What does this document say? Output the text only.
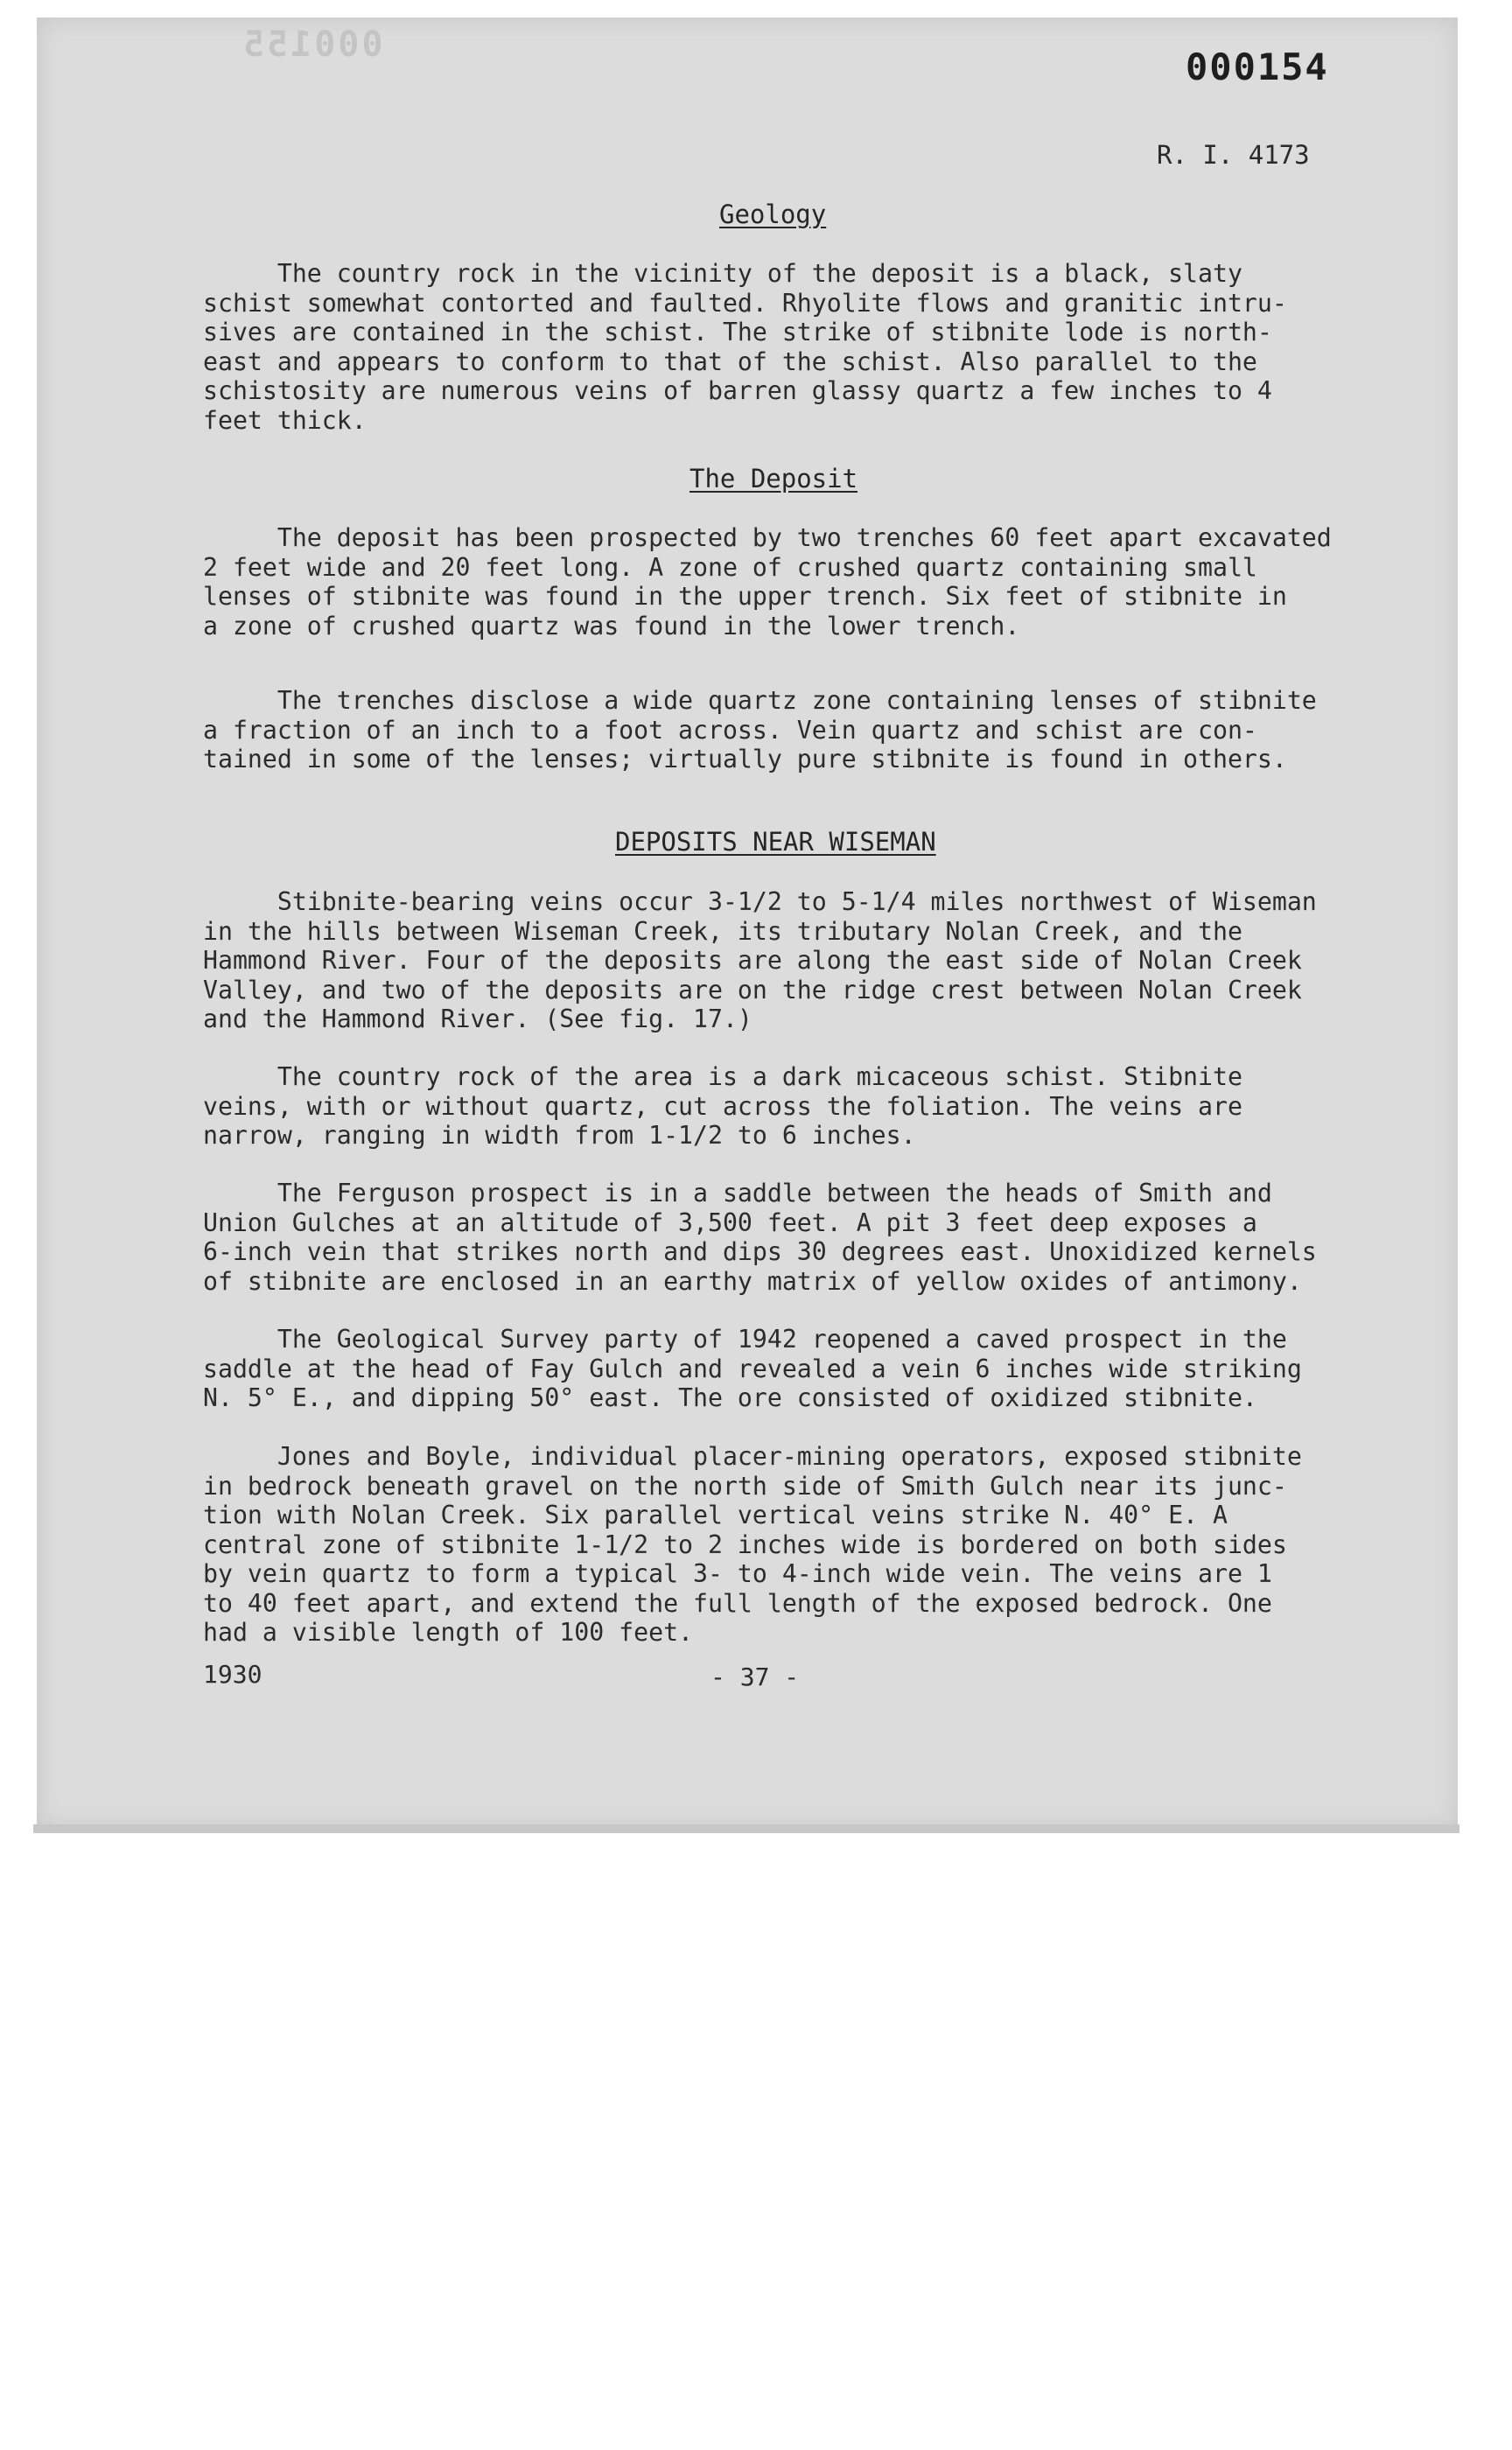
000155
000154
R. I. 4173
Geology
The country rock in the vicinity of the deposit is a black, slaty
schist somewhat contorted and faulted. Rhyolite flows and granitic intru-
sives are contained in the schist. The strike of stibnite lode is north-
east and appears to conform to that of the schist. Also parallel to the
schistosity are numerous veins of barren glassy quartz a few inches to 4
feet thick.
The Deposit
The deposit has been prospected by two trenches 60 feet apart excavated
2 feet wide and 20 feet long. A zone of crushed quartz containing small
lenses of stibnite was found in the upper trench. Six feet of stibnite in
a zone of crushed quartz was found in the lower trench.
The trenches disclose a wide quartz zone containing lenses of stibnite
a fraction of an inch to a foot across. Vein quartz and schist are con-
tained in some of the lenses; virtually pure stibnite is found in others.
DEPOSITS NEAR WISEMAN
Stibnite-bearing veins occur 3-1/2 to 5-1/4 miles northwest of Wiseman
in the hills between Wiseman Creek, its tributary Nolan Creek, and the
Hammond River. Four of the deposits are along the east side of Nolan Creek
Valley, and two of the deposits are on the ridge crest between Nolan Creek
and the Hammond River. (See fig. 17.)
The country rock of the area is a dark micaceous schist. Stibnite
veins, with or without quartz, cut across the foliation. The veins are
narrow, ranging in width from 1-1/2 to 6 inches.
The Ferguson prospect is in a saddle between the heads of Smith and
Union Gulches at an altitude of 3,500 feet. A pit 3 feet deep exposes a
6-inch vein that strikes north and dips 30 degrees east. Unoxidized kernels
of stibnite are enclosed in an earthy matrix of yellow oxides of antimony.
The Geological Survey party of 1942 reopened a caved prospect in the
saddle at the head of Fay Gulch and revealed a vein 6 inches wide striking
N. 5° E., and dipping 50° east. The ore consisted of oxidized stibnite.
Jones and Boyle, individual placer-mining operators, exposed stibnite
in bedrock beneath gravel on the north side of Smith Gulch near its junc-
tion with Nolan Creek. Six parallel vertical veins strike N. 40° E. A
central zone of stibnite 1-1/2 to 2 inches wide is bordered on both sides
by vein quartz to form a typical 3- to 4-inch wide vein. The veins are 1
to 40 feet apart, and extend the full length of the exposed bedrock. One
had a visible length of 100 feet.
1930	- 37 -
